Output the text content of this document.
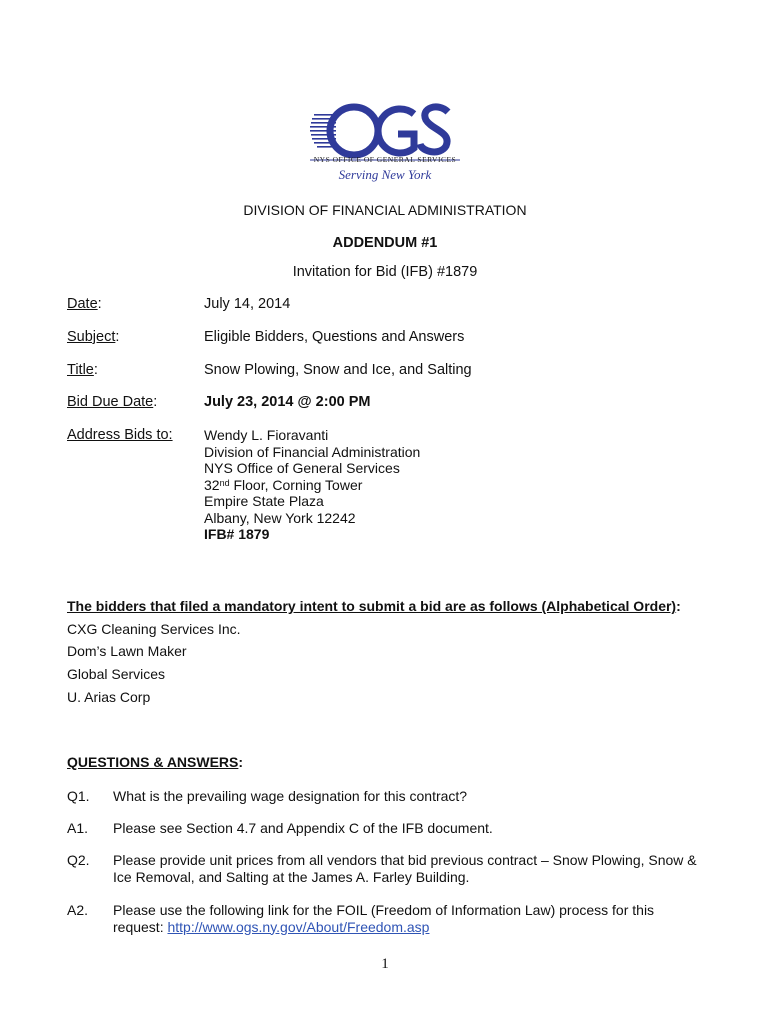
NYS OFFICE OF GENERAL SERVICES
Serving New York
DIVISION OF FINANCIAL ADMINISTRATION
ADDENDUM #1
Invitation for Bid (IFB) #1879
Date:	July 14, 2014
Subject:	Eligible Bidders, Questions and Answers
Title:	Snow Plowing, Snow and Ice, and Salting
Bid Due Date:	July 23, 2014 @ 2:00 PM
Address Bids to: Wendy L. Fioravanti
Division of Financial Administration
NYS Office of General Services
32nd Floor, Corning Tower
Empire State Plaza
Albany, New York 12242
IFB# 1879
The bidders that filed a mandatory intent to submit a bid are as follows (Alphabetical Order):
CXG Cleaning Services Inc.
Dom’s Lawn Maker
Global Services
U. Arias Corp
QUESTIONS & ANSWERS:
Q1. What is the prevailing wage designation for this contract?
A1. Please see Section 4.7 and Appendix C of the IFB document.
Q2. Please provide unit prices from all vendors that bid previous contract – Snow Plowing, Snow &
Ice Removal, and Salting at the James A. Farley Building.
A2. Please use the following link for the FOIL (Freedom of Information Law) process for this
request: http://www.ogs.ny.gov/About/Freedom.asp
1
